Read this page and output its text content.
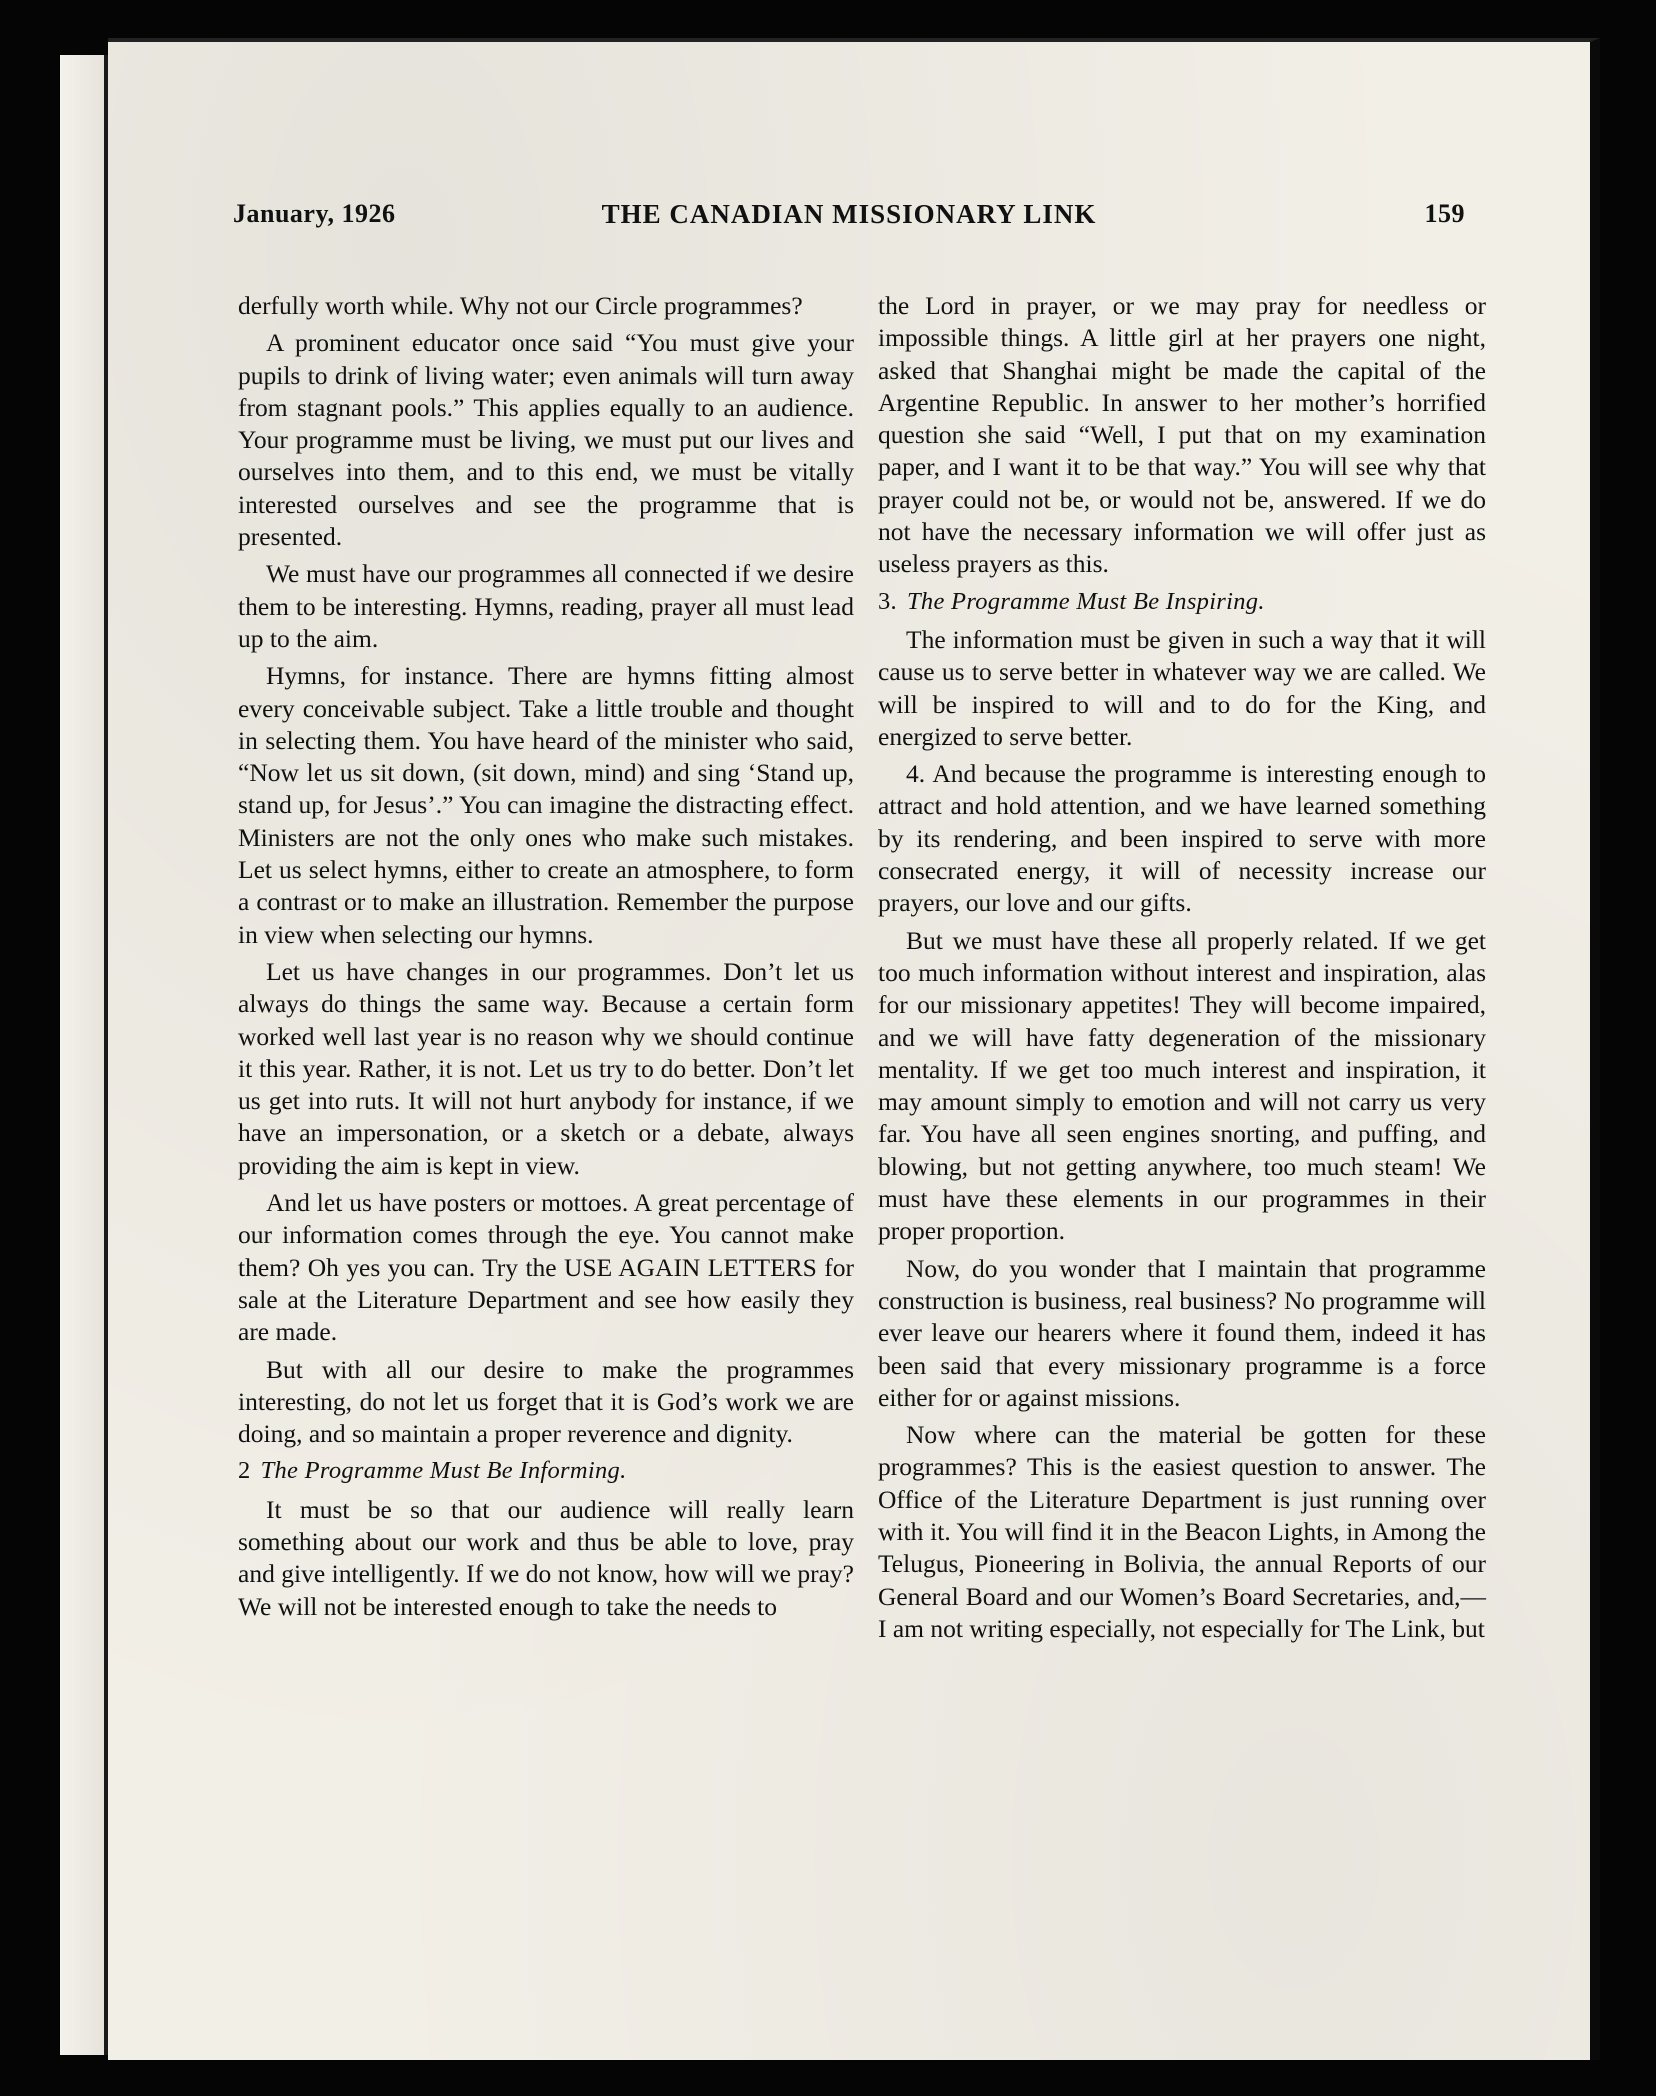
January, 1926	THE CANADIAN MISSIONARY LINK	159

derfully worth while. Why not our Circle programmes?

A prominent educator once said “You must give your pupils to drink of living water; even animals will turn away from stagnant pools.” This applies equally to an audience. Your programme must be living, we must put our lives and ourselves into them, and to this end, we must be vitally interested ourselves and see the programme that is presented.

We must have our programmes all connected if we desire them to be interesting. Hymns, reading, prayer all must lead up to the aim.

Hymns, for instance. There are hymns fitting almost every conceivable subject. Take a little trouble and thought in selecting them. You have heard of the minister who said, “Now let us sit down, (sit down, mind) and sing ‘Stand up, stand up, for Jesus’.” You can imagine the distracting effect. Ministers are not the only ones who make such mistakes. Let us select hymns, either to create an atmosphere, to form a contrast or to make an illustration. Remember the purpose in view when selecting our hymns.

Let us have changes in our programmes. Don’t let us always do things the same way. Because a certain form worked well last year is no reason why we should continue it this year. Rather, it is not. Let us try to do better. Don’t let us get into ruts. It will not hurt anybody for instance, if we have an impersonation, or a sketch or a debate, always providing the aim is kept in view.

And let us have posters or mottoes. A great percentage of our information comes through the eye. You cannot make them? Oh yes you can. Try the USE AGAIN LETTERS for sale at the Literature Department and see how easily they are made.

But with all our desire to make the programmes interesting, do not let us forget that it is God’s work we are doing, and so maintain a proper reverence and dignity.

2 The Programme Must Be Informing.

It must be so that our audience will really learn something about our work and thus be able to love, pray and give intelligently. If we do not know, how will we pray? We will not be interested enough to take the needs to

the Lord in prayer, or we may pray for needless or impossible things. A little girl at her prayers one night, asked that Shanghai might be made the capital of the Argentine Republic. In answer to her mother’s horrified question she said “Well, I put that on my examination paper, and I want it to be that way.” You will see why that prayer could not be, or would not be, answered. If we do not have the necessary information we will offer just as useless prayers as this.

3. The Programme Must Be Inspiring.

The information must be given in such a way that it will cause us to serve better in whatever way we are called. We will be inspired to will and to do for the King, and energized to serve better.

4. And because the programme is interesting enough to attract and hold attention, and we have learned something by its rendering, and been inspired to serve with more consecrated energy, it will of necessity increase our prayers, our love and our gifts.

But we must have these all properly related. If we get too much information without interest and inspiration, alas for our missionary appetites! They will become impaired, and we will have fatty degeneration of the missionary mentality. If we get too much interest and inspiration, it may amount simply to emotion and will not carry us very far. You have all seen engines snorting, and puffing, and blowing, but not getting anywhere, too much steam! We must have these elements in our programmes in their proper proportion.

Now, do you wonder that I maintain that programme construction is business, real business? No programme will ever leave our hearers where it found them, indeed it has been said that every missionary programme is a force either for or against missions.

Now where can the material be gotten for these programmes? This is the easiest question to answer. The Office of the Literature Department is just running over with it. You will find it in the Beacon Lights, in Among the Telugus, Pioneering in Bolivia, the annual Reports of our General Board and our Women’s Board Secretaries, and,—I am not writing especially, not especially for The Link, but
